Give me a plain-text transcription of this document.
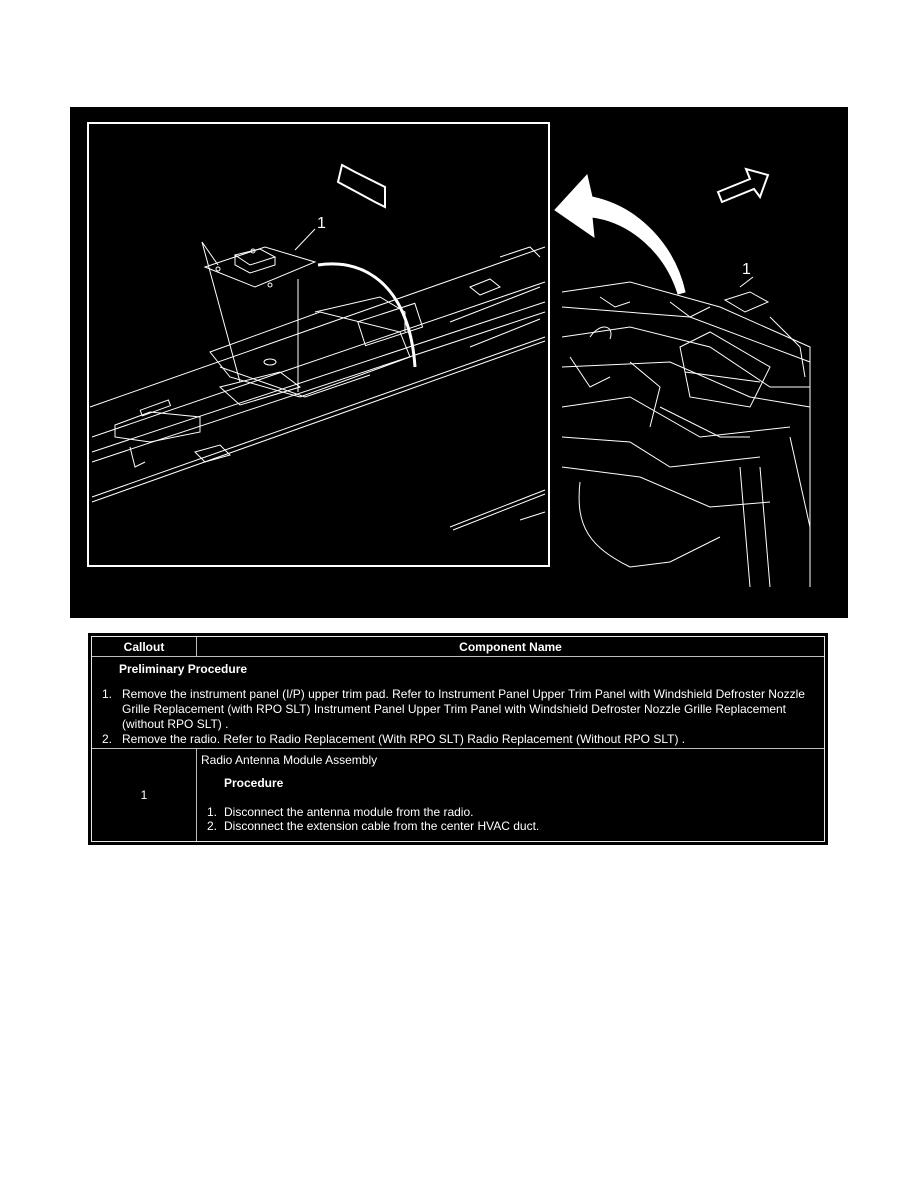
1
1
Callout	Component Name
Preliminary Procedure
1. Remove the instrument panel (I/P) upper trim pad. Refer to Instrument Panel Upper Trim Panel with Windshield Defroster Nozzle Grille Replacement (with RPO SLT) Instrument Panel Upper Trim Panel with Windshield Defroster Nozzle Grille Replacement (without RPO SLT) .
2. Remove the radio. Refer to Radio Replacement (With RPO SLT) Radio Replacement (Without RPO SLT) .
1
Radio Antenna Module Assembly
Procedure
1. Disconnect the antenna module from the radio.
2. Disconnect the extension cable from the center HVAC duct.
